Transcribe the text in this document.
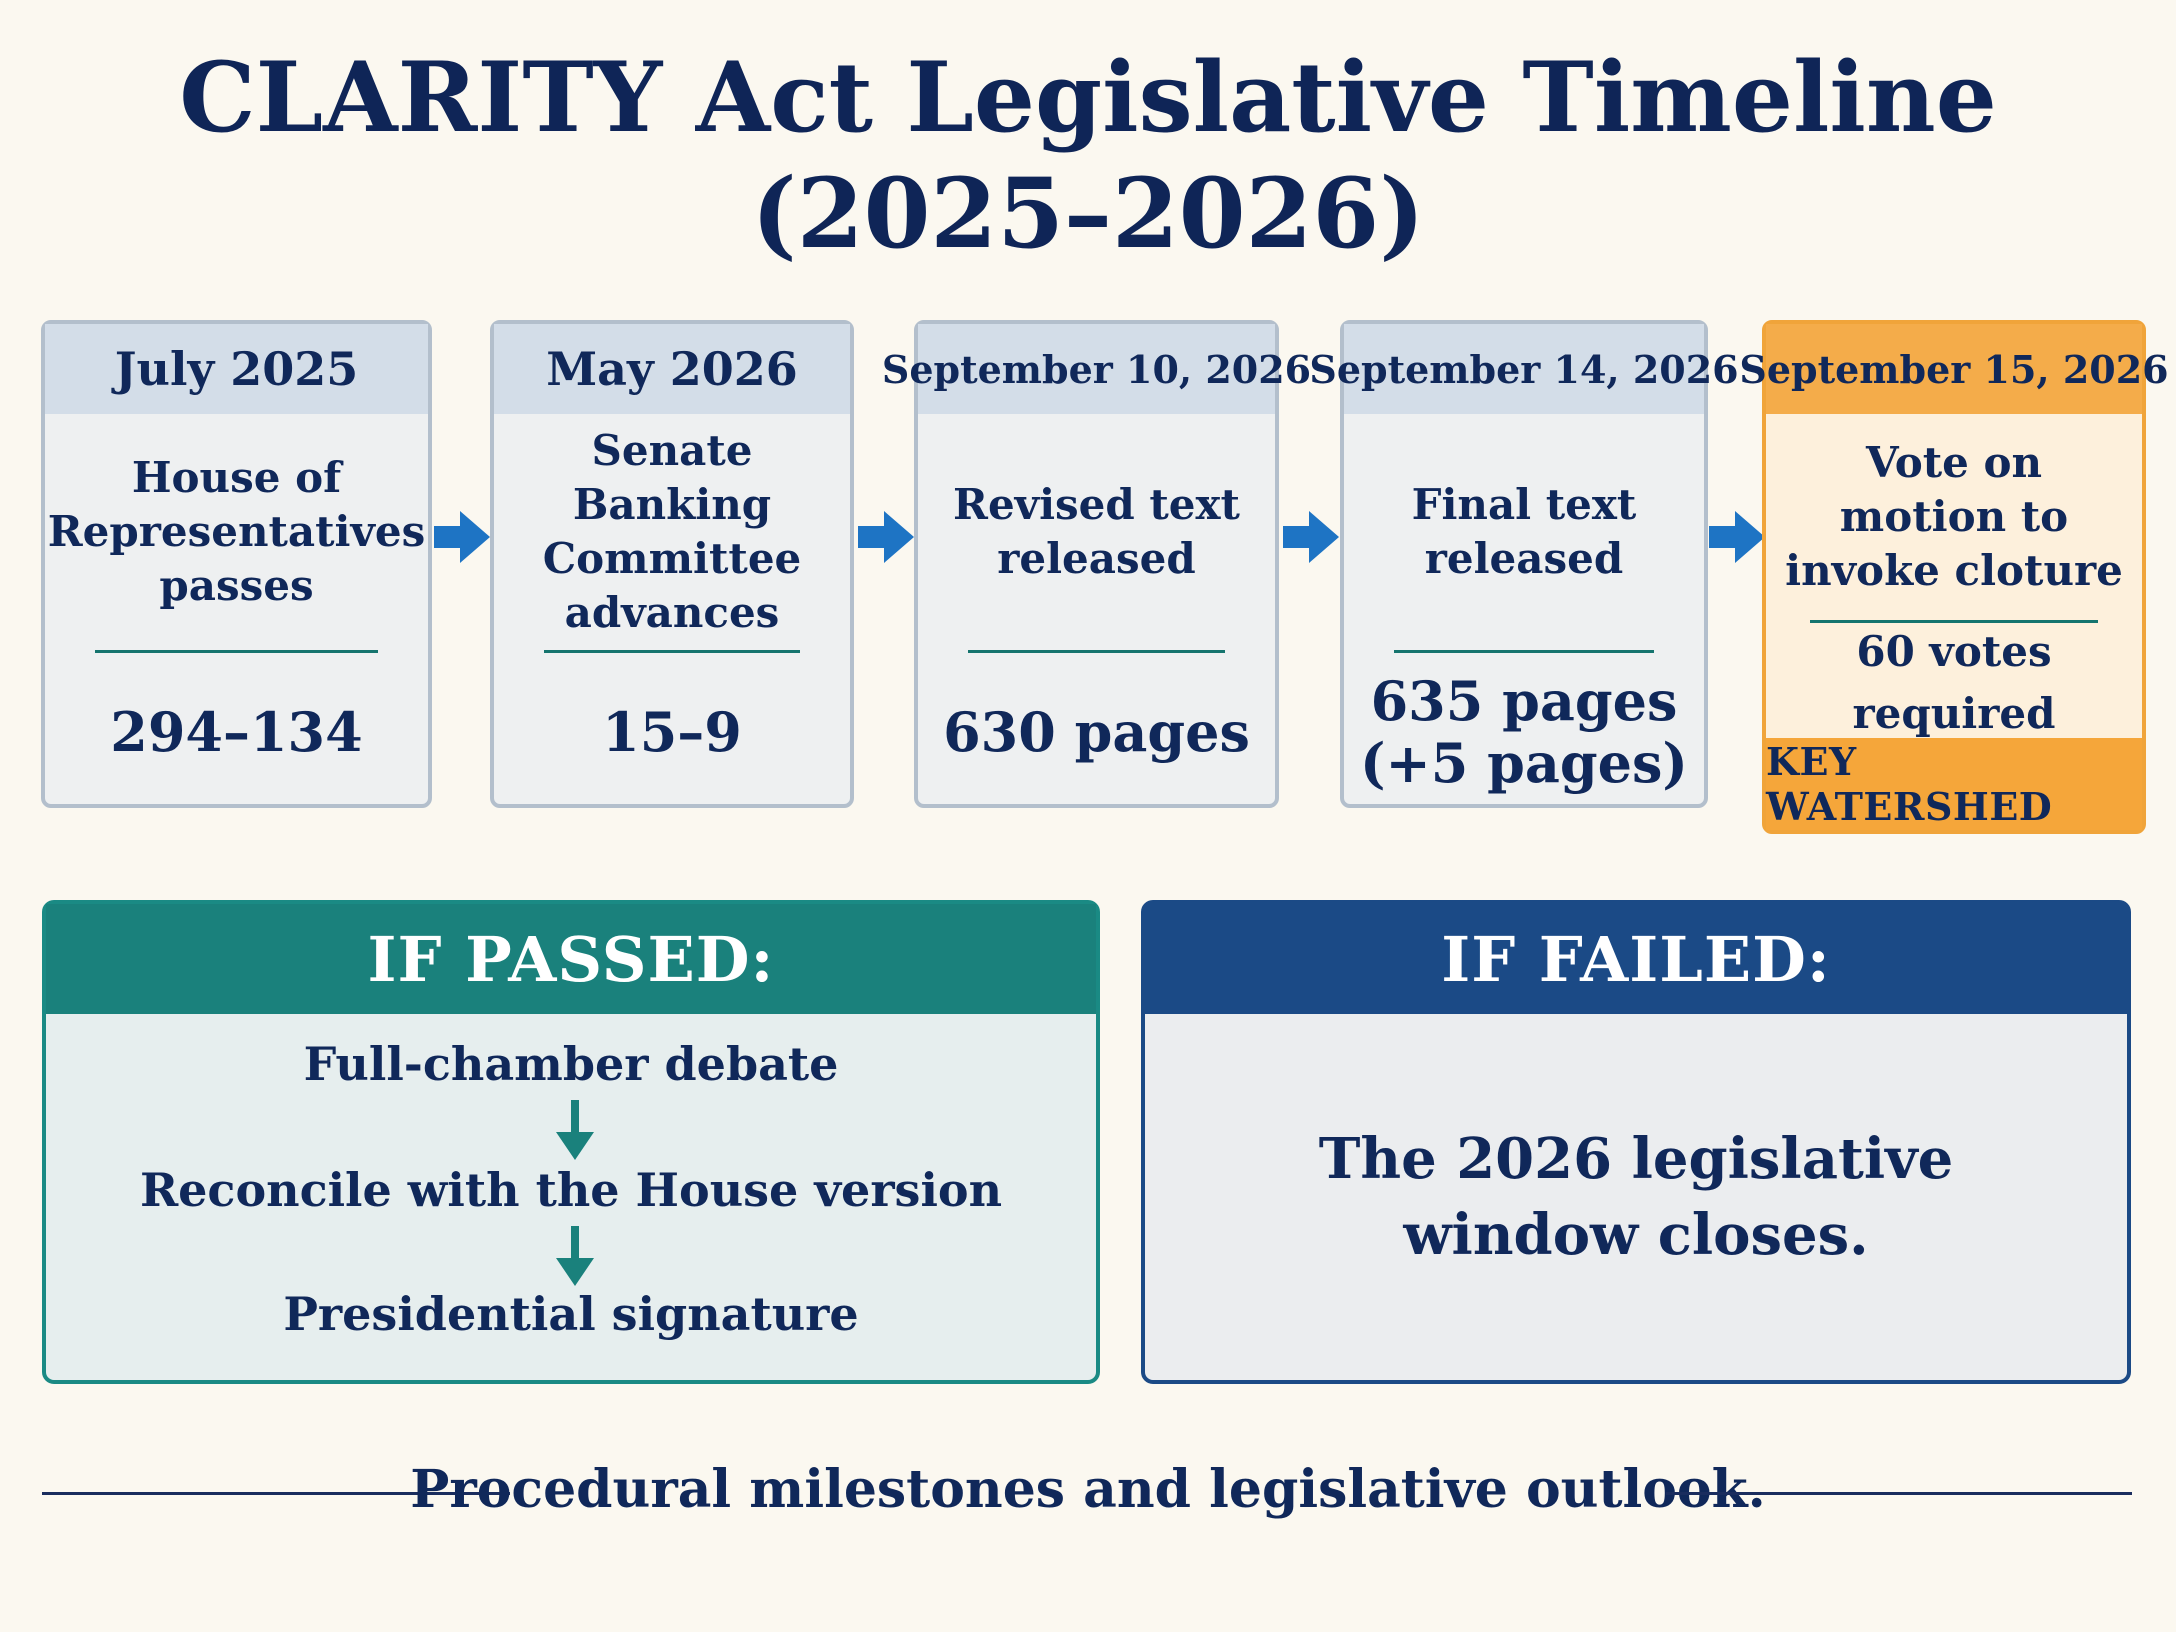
CLARITY Act Legislative Timeline
(2025–2026)
July 2025
House of Representatives passes
294–134
May 2026
Senate Banking Committee advances
15–9
September 10, 2026
Revised text released
630 pages
September 14, 2026
Final text released
635 pages (+5 pages)
September 15, 2026
Vote on motion to invoke cloture
60 votes required
KEY WATERSHED
IF PASSED:
Full-chamber debate
Reconcile with the House version
Presidential signature
IF FAILED:
The 2026 legislative window closes.
Procedural milestones and legislative outlook.
